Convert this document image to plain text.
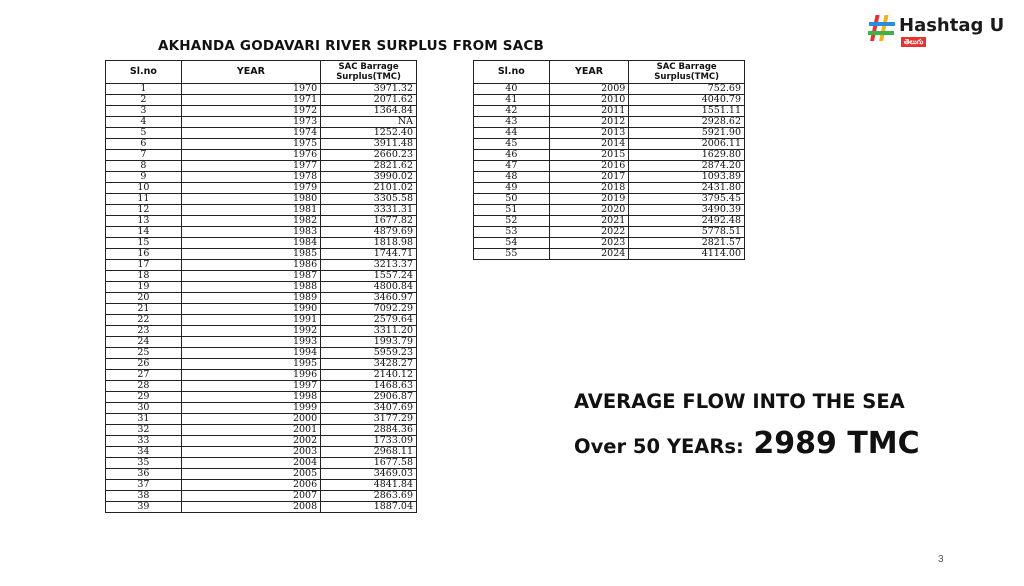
AKHANDA GODAVARI RIVER SURPLUS FROM SACB
Sl.no	YEAR	SAC Barrage
Surplus(TMC)
1	1970	3971.32
2	1971	2071.62
3	1972	1364.84
4	1973	NA
5	1974	1252.40
6	1975	3911.48
7	1976	2660.23
8	1977	2821.62
9	1978	3990.02
10	1979	2101.02
11	1980	3305.58
12	1981	3331.31
13	1982	1677.82
14	1983	4879.69
15	1984	1818.98
16	1985	1744.71
17	1986	3213.37
18	1987	1557.24
19	1988	4800.84
20	1989	3460.97
21	1990	7092.29
22	1991	2579.64
23	1992	3311.20
24	1993	1993.79
25	1994	5959.23
26	1995	3428.27
27	1996	2140.12
28	1997	1468.63
29	1998	2906.87
30	1999	3407.69
31	2000	3177.29
32	2001	2884.36
33	2002	1733.09
34	2003	2968.11
35	2004	1677.58
36	2005	3469.03
37	2006	4841.84
38	2007	2863.69
39	2008	1887.04
Sl.no	YEAR	SAC Barrage
Surplus(TMC)
40	2009	752.69
41	2010	4040.79
42	2011	1551.11
43	2012	2928.62
44	2013	5921.90
45	2014	2006.11
46	2015	1629.80
47	2016	2874.20
48	2017	1093.89
49	2018	2431.80
50	2019	3795.45
51	2020	3490.39
52	2021	2492.48
53	2022	5778.51
54	2023	2821.57
55	2024	4114.00
AVERAGE FLOW INTO THE SEA
Over 50 YEARs: 2989 TMC
3
Hashtag U
తెలుగు
